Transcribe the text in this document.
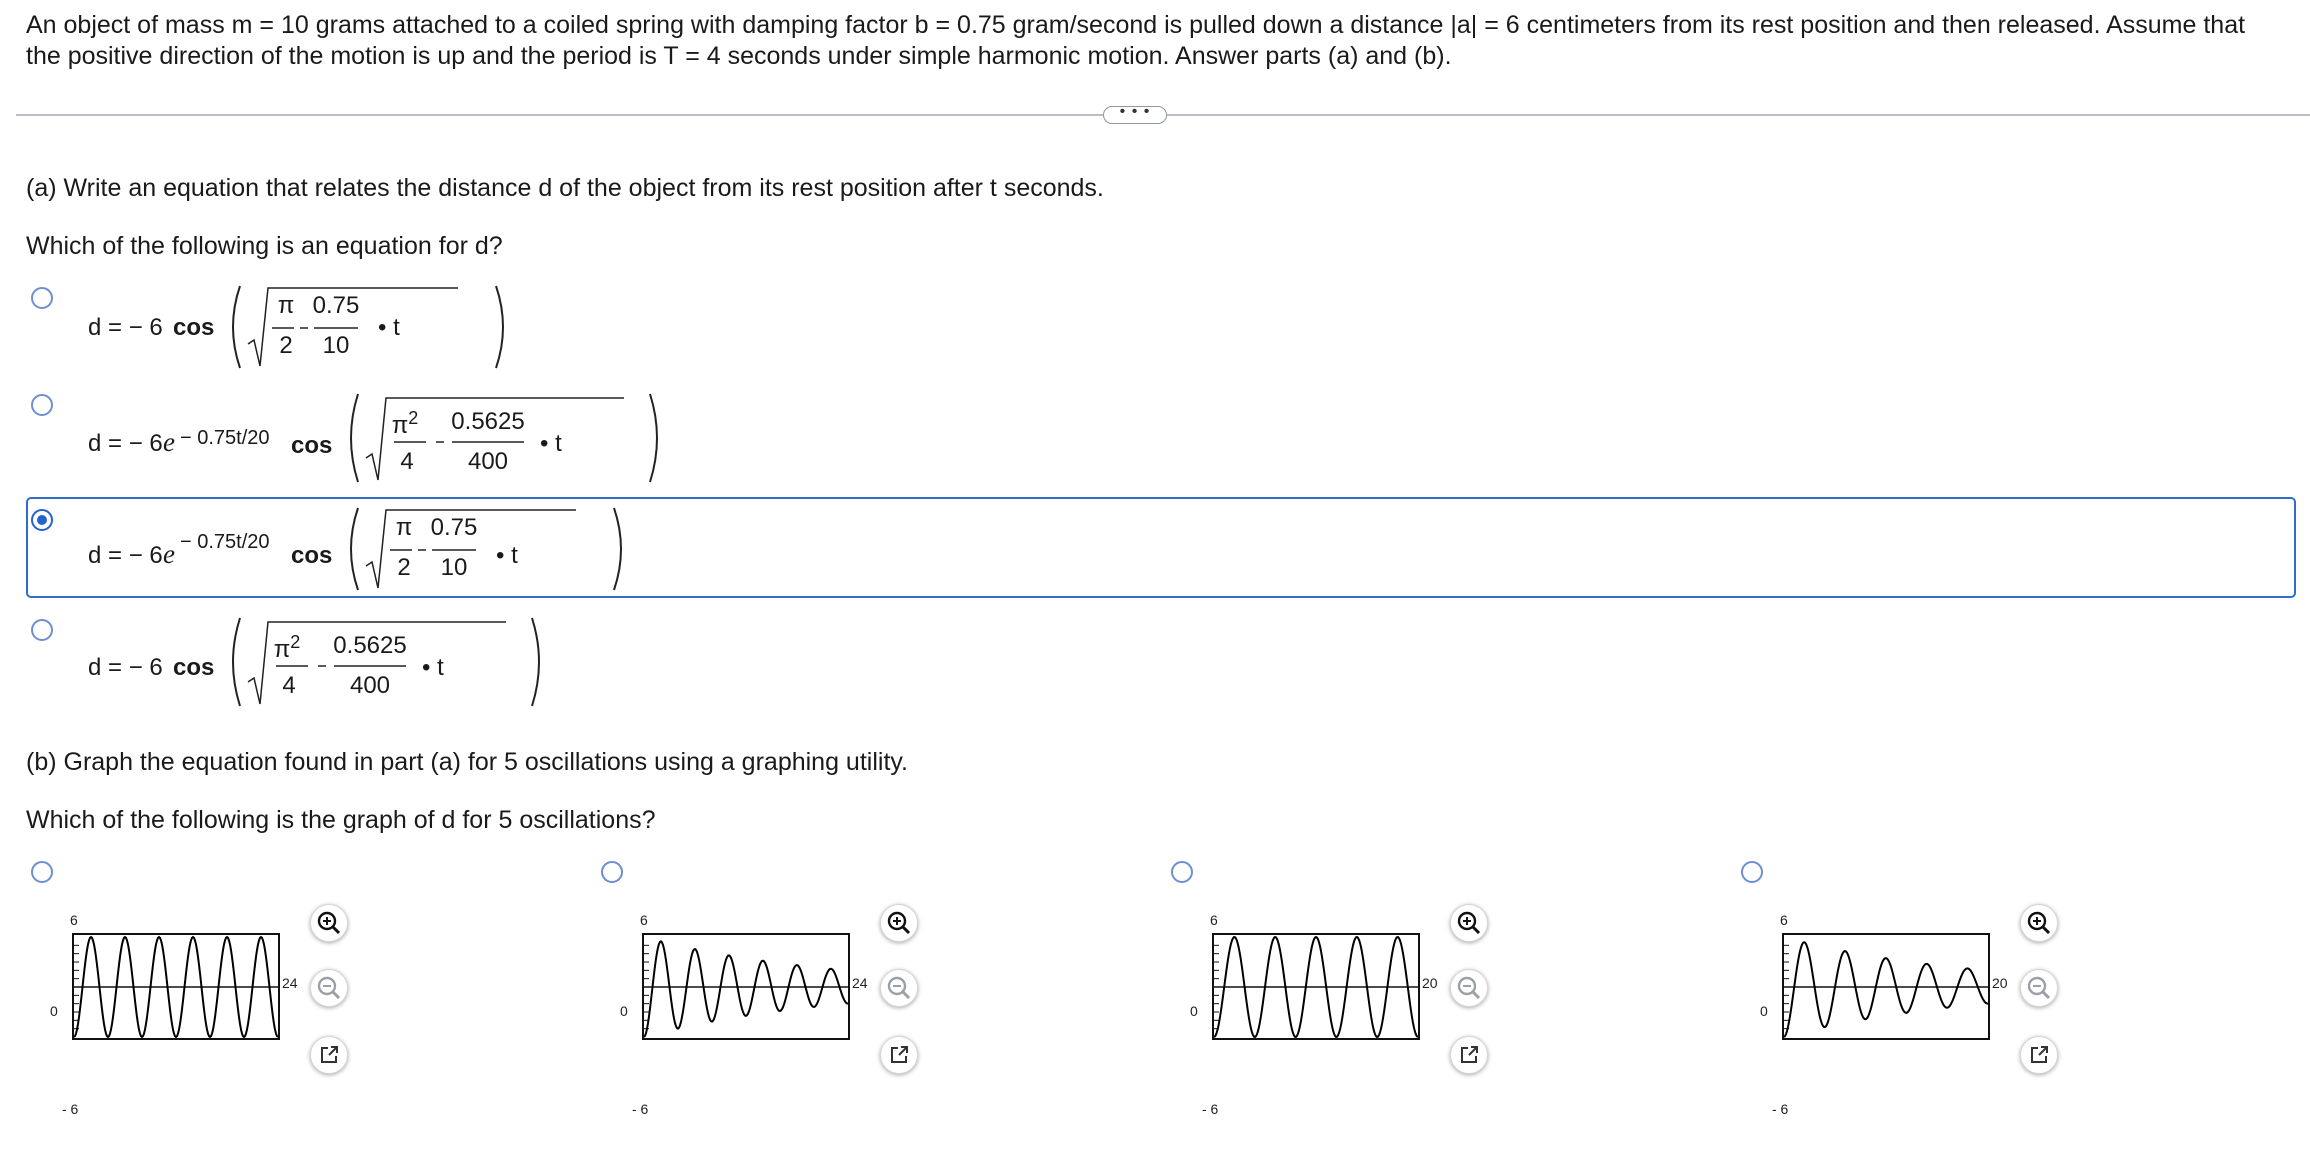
An object of mass m = 10 grams attached to a coiled spring with damping factor b = 0.75 gram/second is pulled down a distance |a| = 6 centimeters from its rest position and then released. Assume that the positive direction of the motion is up and the period is T = 4 seconds under simple harmonic motion. Answer parts (a) and (b).
• • •
(a) Write an equation that relates the distance d of the object from its rest position after t seconds.
Which of the following is an equation for d?
d = − 6 cos
π
2
0.75
10
• t
d = − 6 e − 0.75t/20 cos
$\pi^2$
4
0.5625
400
• t
d = − 6 e − 0.75t/20 cos
π
2
0.75
10	• t
d = − 6 cos
$\pi^2$
4
0.5625
400
• t
(b) Graph the equation found in part (a) for 5 oscillations using a graphing utility.
Which of the following is the graph of d for 5 oscillations?
6
0
- 6
24
6
0
- 6
24
6
0
- 6
20
6
0
- 6
20
